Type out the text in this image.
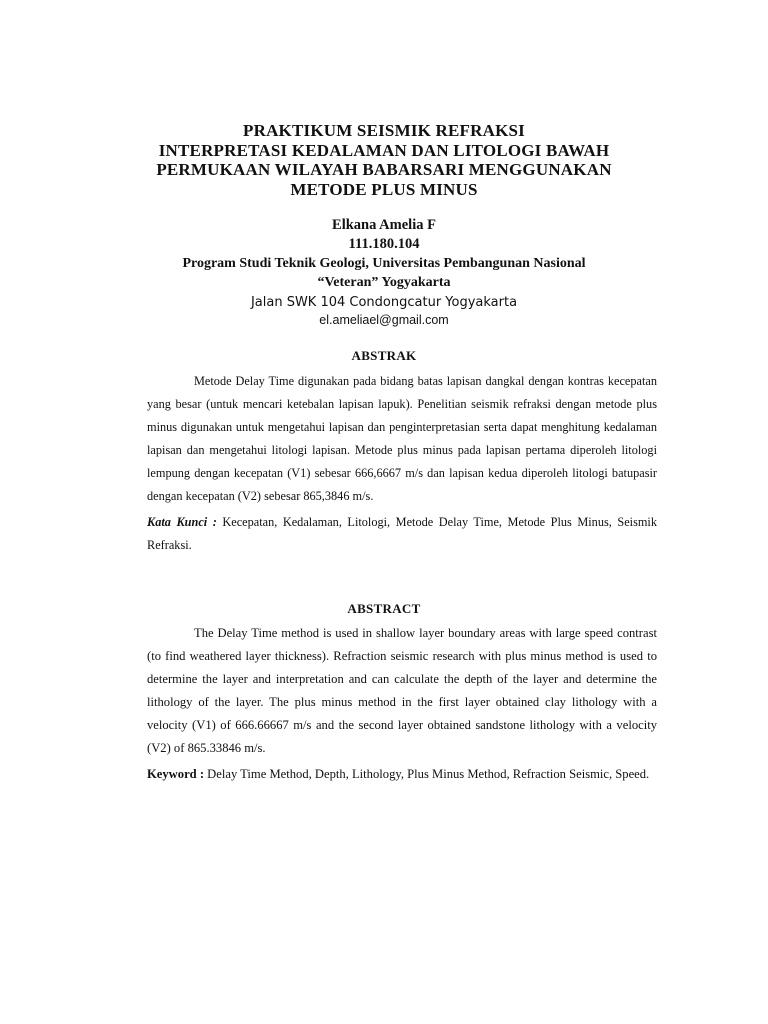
PRAKTIKUM SEISMIK REFRAKSI
INTERPRETASI KEDALAMAN DAN LITOLOGI BAWAH
PERMUKAAN WILAYAH BABARSARI MENGGUNAKAN
METODE PLUS MINUS
Elkana Amelia F
111.180.104
Program Studi Teknik Geologi, Universitas Pembangunan Nasional
“Veteran” Yogyakarta
Jalan SWK 104 Condongcatur Yogyakarta
el.ameliael@gmail.com
ABSTRAK
Metode Delay Time digunakan pada bidang batas lapisan dangkal dengan kontras kecepatan yang besar (untuk mencari ketebalan lapisan lapuk). Penelitian seismik refraksi dengan metode plus minus digunakan untuk mengetahui lapisan dan penginterpretasian serta dapat menghitung kedalaman lapisan dan mengetahui litologi lapisan. Metode plus minus pada lapisan pertama diperoleh litologi lempung dengan kecepatan (V1) sebesar 666,6667 m/s dan lapisan kedua diperoleh litologi batupasir dengan kecepatan (V2) sebesar 865,3846 m/s.
Kata Kunci : Kecepatan, Kedalaman, Litologi, Metode Delay Time, Metode Plus Minus, Seismik Refraksi.
ABSTRACT
The Delay Time method is used in shallow layer boundary areas with large speed contrast (to find weathered layer thickness). Refraction seismic research with plus minus method is used to determine the layer and interpretation and can calculate the depth of the layer and determine the lithology of the layer. The plus minus method in the first layer obtained clay lithology with a velocity (V1) of 666.66667 m/s and the second layer obtained sandstone lithology with a velocity (V2) of 865.33846 m/s.
Keyword : Delay Time Method, Depth, Lithology, Plus Minus Method, Refraction Seismic, Speed.
